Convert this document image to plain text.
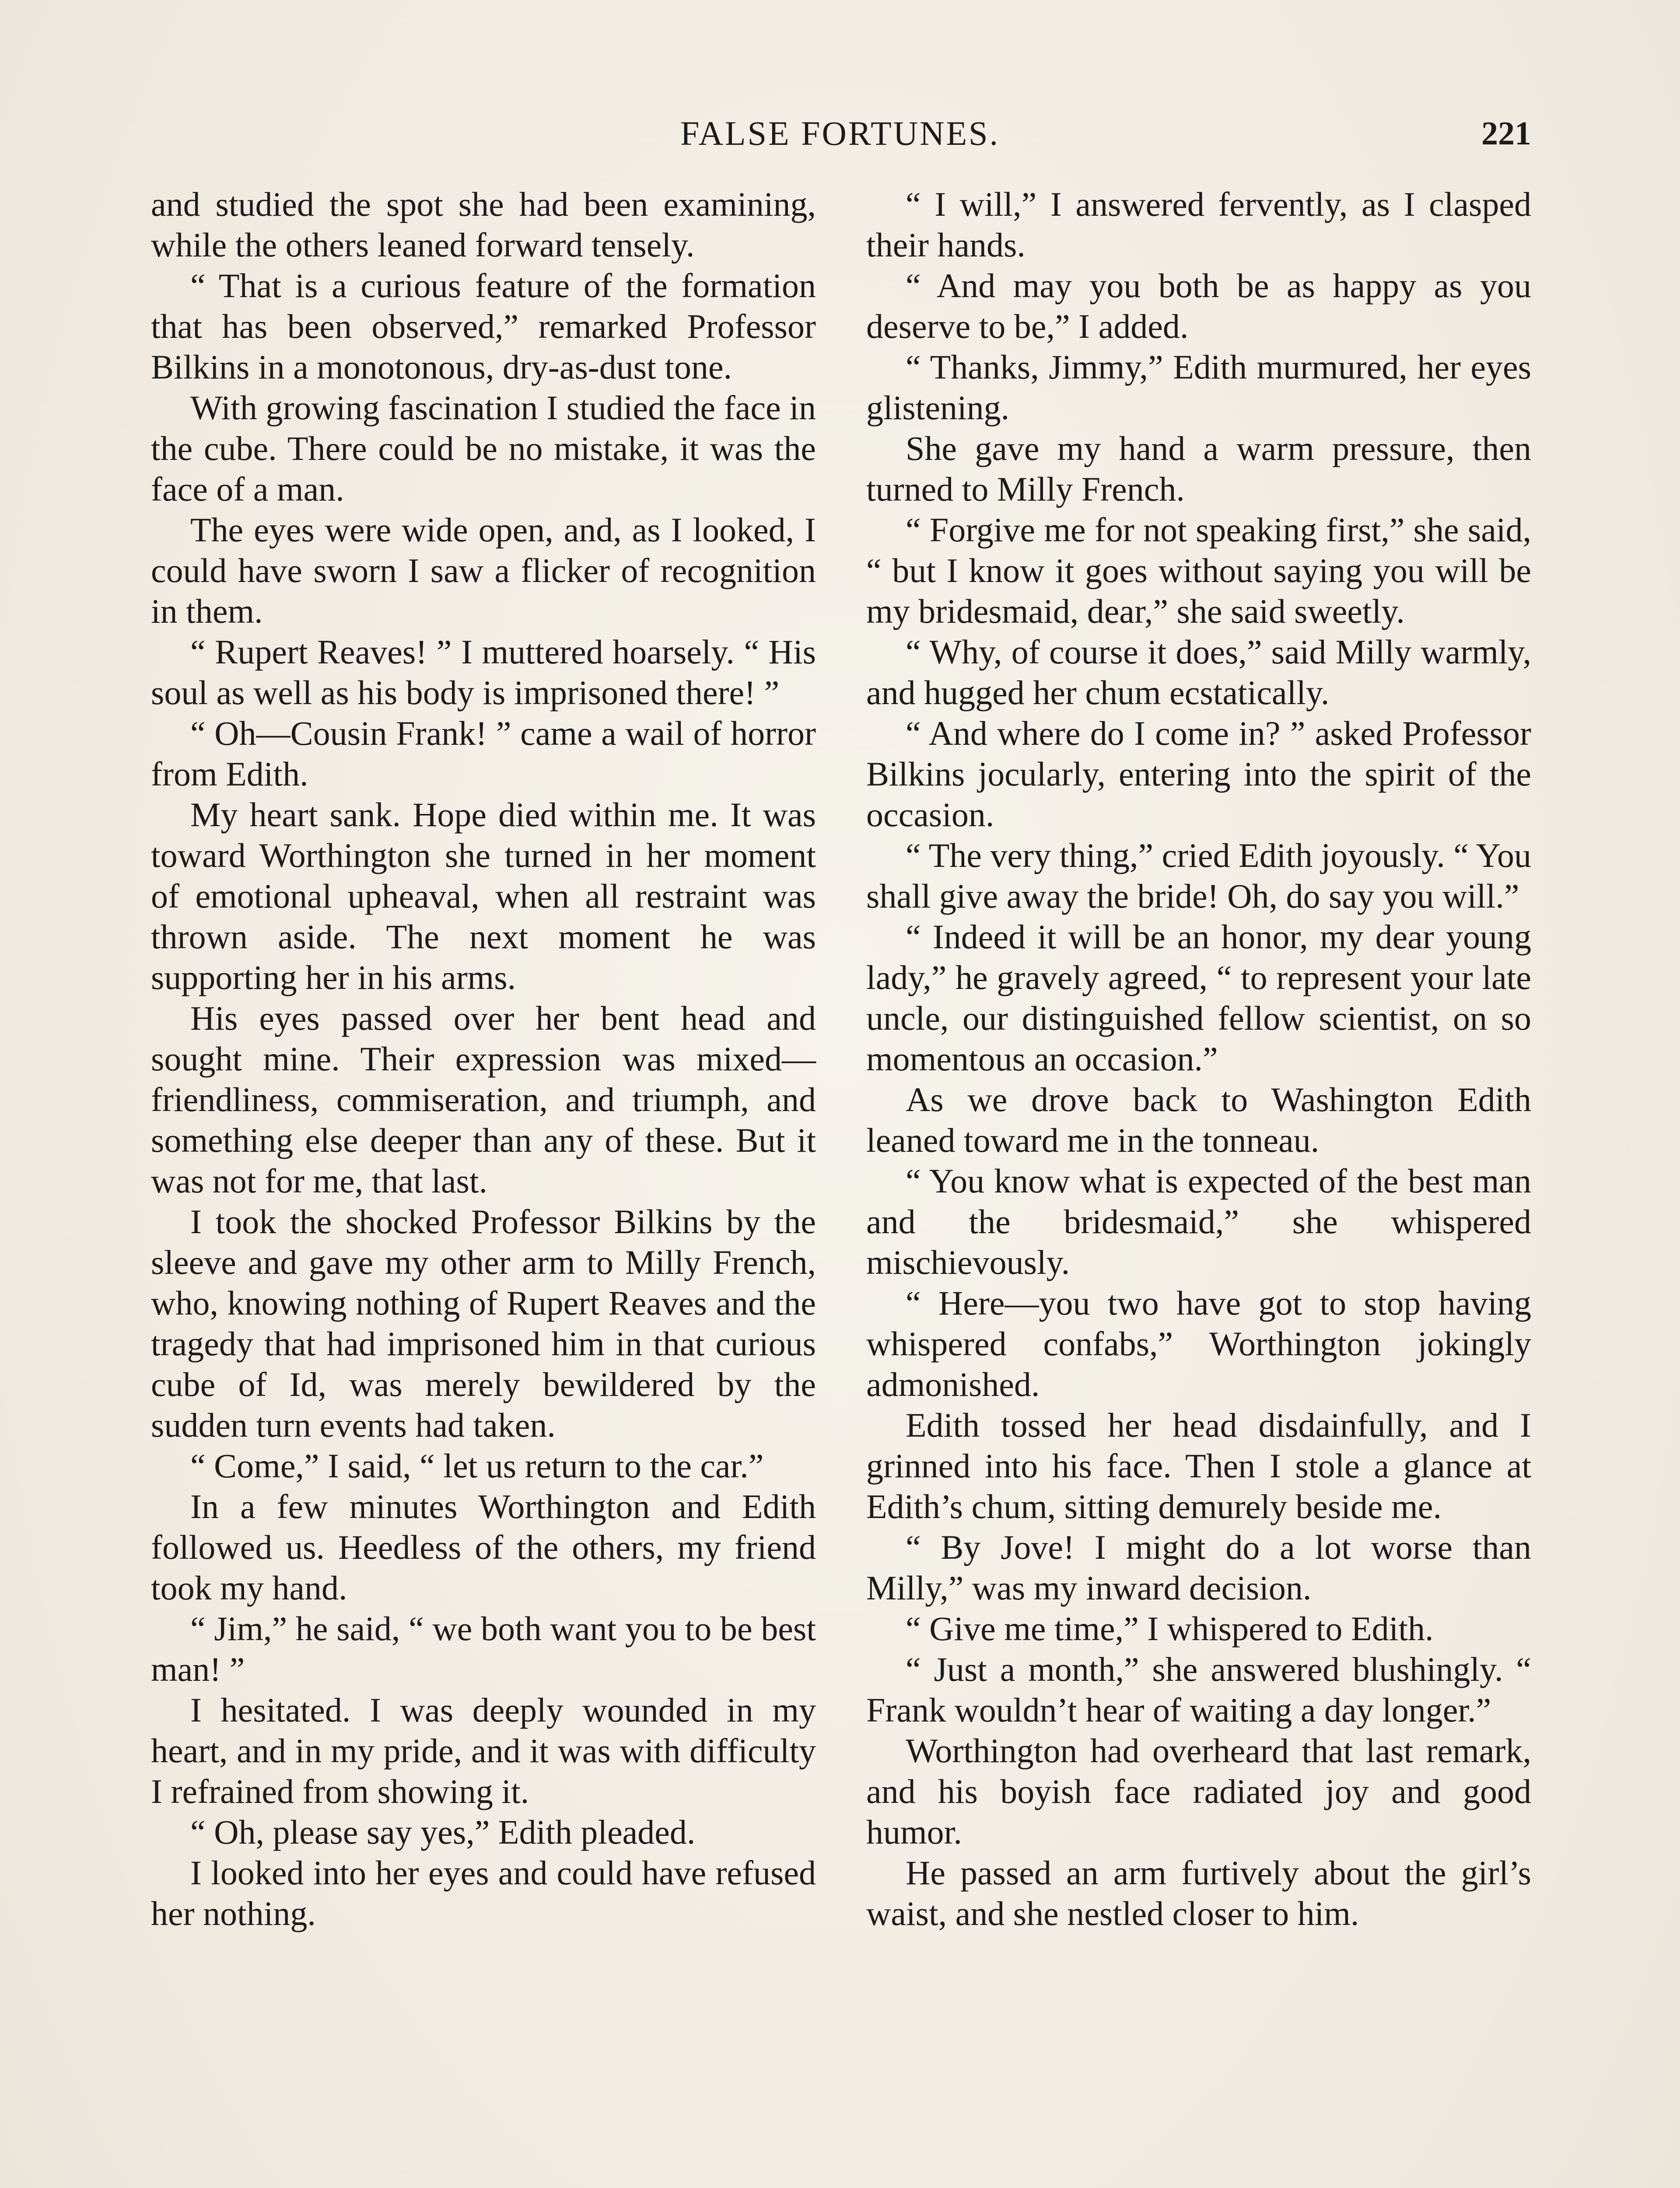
FALSE FORTUNES.	221

and studied the spot she had been examining, while the others leaned forward tensely.

“ That is a curious feature of the formation that has been observed,” remarked Professor Bilkins in a monotonous, dry-as-dust tone.

With growing fascination I studied the face in the cube. There could be no mistake, it was the face of a man.

The eyes were wide open, and, as I looked, I could have sworn I saw a flicker of recognition in them.

“ Rupert Reaves! ” I muttered hoarsely. “ His soul as well as his body is imprisoned there! ”

“ Oh—Cousin Frank! ” came a wail of horror from Edith.

My heart sank. Hope died within me. It was toward Worthington she turned in her moment of emotional upheaval, when all restraint was thrown aside. The next moment he was supporting her in his arms.

His eyes passed over her bent head and sought mine. Their expression was mixed—friendliness, commiseration, and triumph, and something else deeper than any of these. But it was not for me, that last.

I took the shocked Professor Bilkins by the sleeve and gave my other arm to Milly French, who, knowing nothing of Rupert Reaves and the tragedy that had imprisoned him in that curious cube of Id, was merely bewildered by the sudden turn events had taken.

“ Come,” I said, “ let us return to the car.”

In a few minutes Worthington and Edith followed us. Heedless of the others, my friend took my hand.

“ Jim,” he said, “ we both want you to be best man! ”

I hesitated. I was deeply wounded in my heart, and in my pride, and it was with difficulty I refrained from showing it.

“ Oh, please say yes,” Edith pleaded.

I looked into her eyes and could have refused her nothing.

“ I will,” I answered fervently, as I clasped their hands.

“ And may you both be as happy as you deserve to be,” I added.

“ Thanks, Jimmy,” Edith murmured, her eyes glistening.

She gave my hand a warm pressure, then turned to Milly French.

“ Forgive me for not speaking first,” she said, “ but I know it goes without saying you will be my bridesmaid, dear,” she said sweetly.

“ Why, of course it does,” said Milly warmly, and hugged her chum ecstatically.

“ And where do I come in? ” asked Professor Bilkins jocularly, entering into the spirit of the occasion.

“ The very thing,” cried Edith joyously. “ You shall give away the bride! Oh, do say you will.”

“ Indeed it will be an honor, my dear young lady,” he gravely agreed, “ to represent your late uncle, our distinguished fellow scientist, on so momentous an occasion.”

As we drove back to Washington Edith leaned toward me in the tonneau.

“ You know what is expected of the best man and the bridesmaid,” she whispered mischievously.

“ Here—you two have got to stop having whispered confabs,” Worthington jokingly admonished.

Edith tossed her head disdainfully, and I grinned into his face. Then I stole a glance at Edith’s chum, sitting demurely beside me.

“ By Jove! I might do a lot worse than Milly,” was my inward decision.

“ Give me time,” I whispered to Edith.

“ Just a month,” she answered blushingly. “ Frank wouldn’t hear of waiting a day longer.”

Worthington had overheard that last remark, and his boyish face radiated joy and good humor.

He passed an arm furtively about the girl’s waist, and she nestled closer to him.
